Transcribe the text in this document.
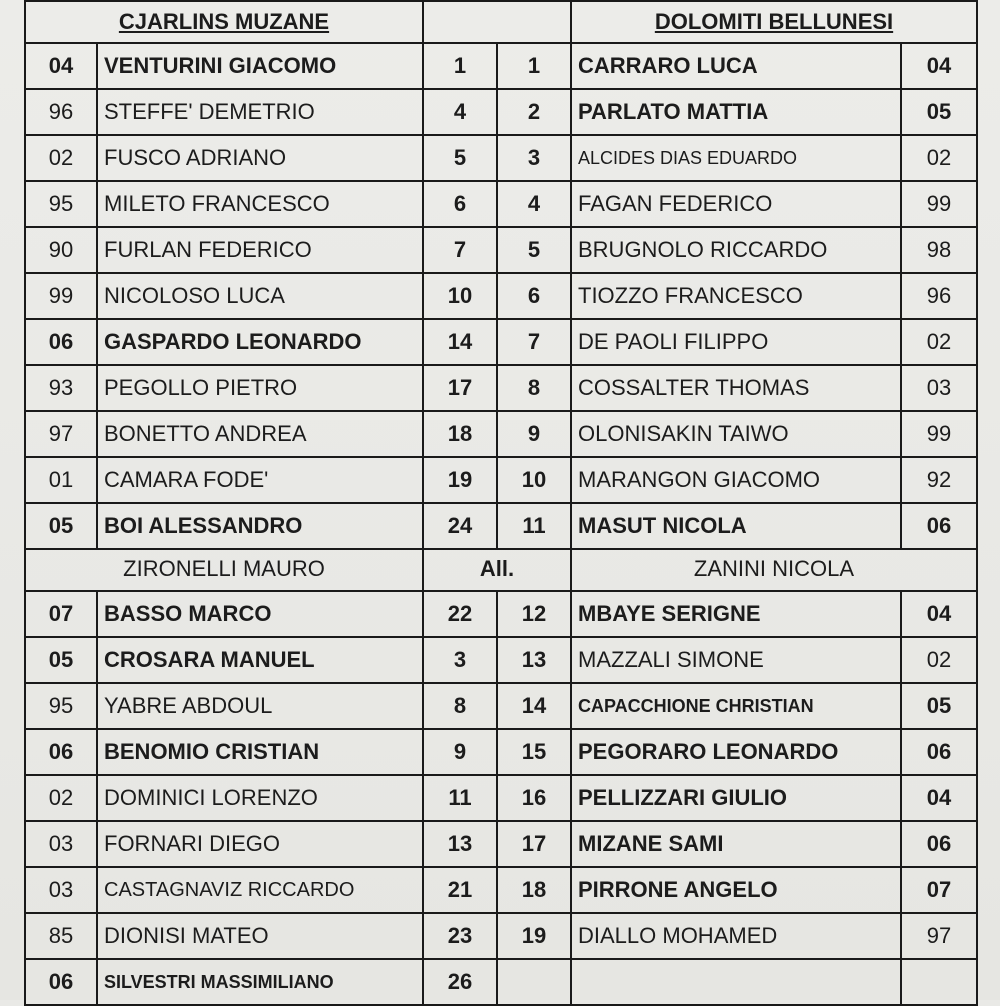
CJARLINS MUZANE	DOLOMITI BELLUNESI
04	VENTURINI GIACOMO	1	1	CARRARO LUCA	04
96	STEFFE' DEMETRIO	4	2	PARLATO MATTIA	05
02	FUSCO ADRIANO	5	3	ALCIDES DIAS EDUARDO	02
95	MILETO FRANCESCO	6	4	FAGAN FEDERICO	99
90	FURLAN FEDERICO	7	5	BRUGNOLO RICCARDO	98
99	NICOLOSO LUCA	10	6	TIOZZO FRANCESCO	96
06	GASPARDO LEONARDO	14	7	DE PAOLI FILIPPO	02
93	PEGOLLO PIETRO	17	8	COSSALTER THOMAS	03
97	BONETTO ANDREA	18	9	OLONISAKIN TAIWO	99
01	CAMARA FODE'	19	10	MARANGON GIACOMO	92
05	BOI ALESSANDRO	24	11	MASUT NICOLA	06
ZIRONELLI MAURO	All.	ZANINI NICOLA
07	BASSO MARCO	22	12	MBAYE SERIGNE	04
05	CROSARA MANUEL	3	13	MAZZALI SIMONE	02
95	YABRE ABDOUL	8	14	CAPACCHIONE CHRISTIAN	05
06	BENOMIO CRISTIAN	9	15	PEGORARO LEONARDO	06
02	DOMINICI LORENZO	11	16	PELLIZZARI GIULIO	04
03	FORNARI DIEGO	13	17	MIZANE SAMI	06
03	CASTAGNAVIZ RICCARDO	21	18	PIRRONE ANGELO	07
85	DIONISI MATEO	23	19	DIALLO MOHAMED	97
06	SILVESTRI MASSIMILIANO	26
